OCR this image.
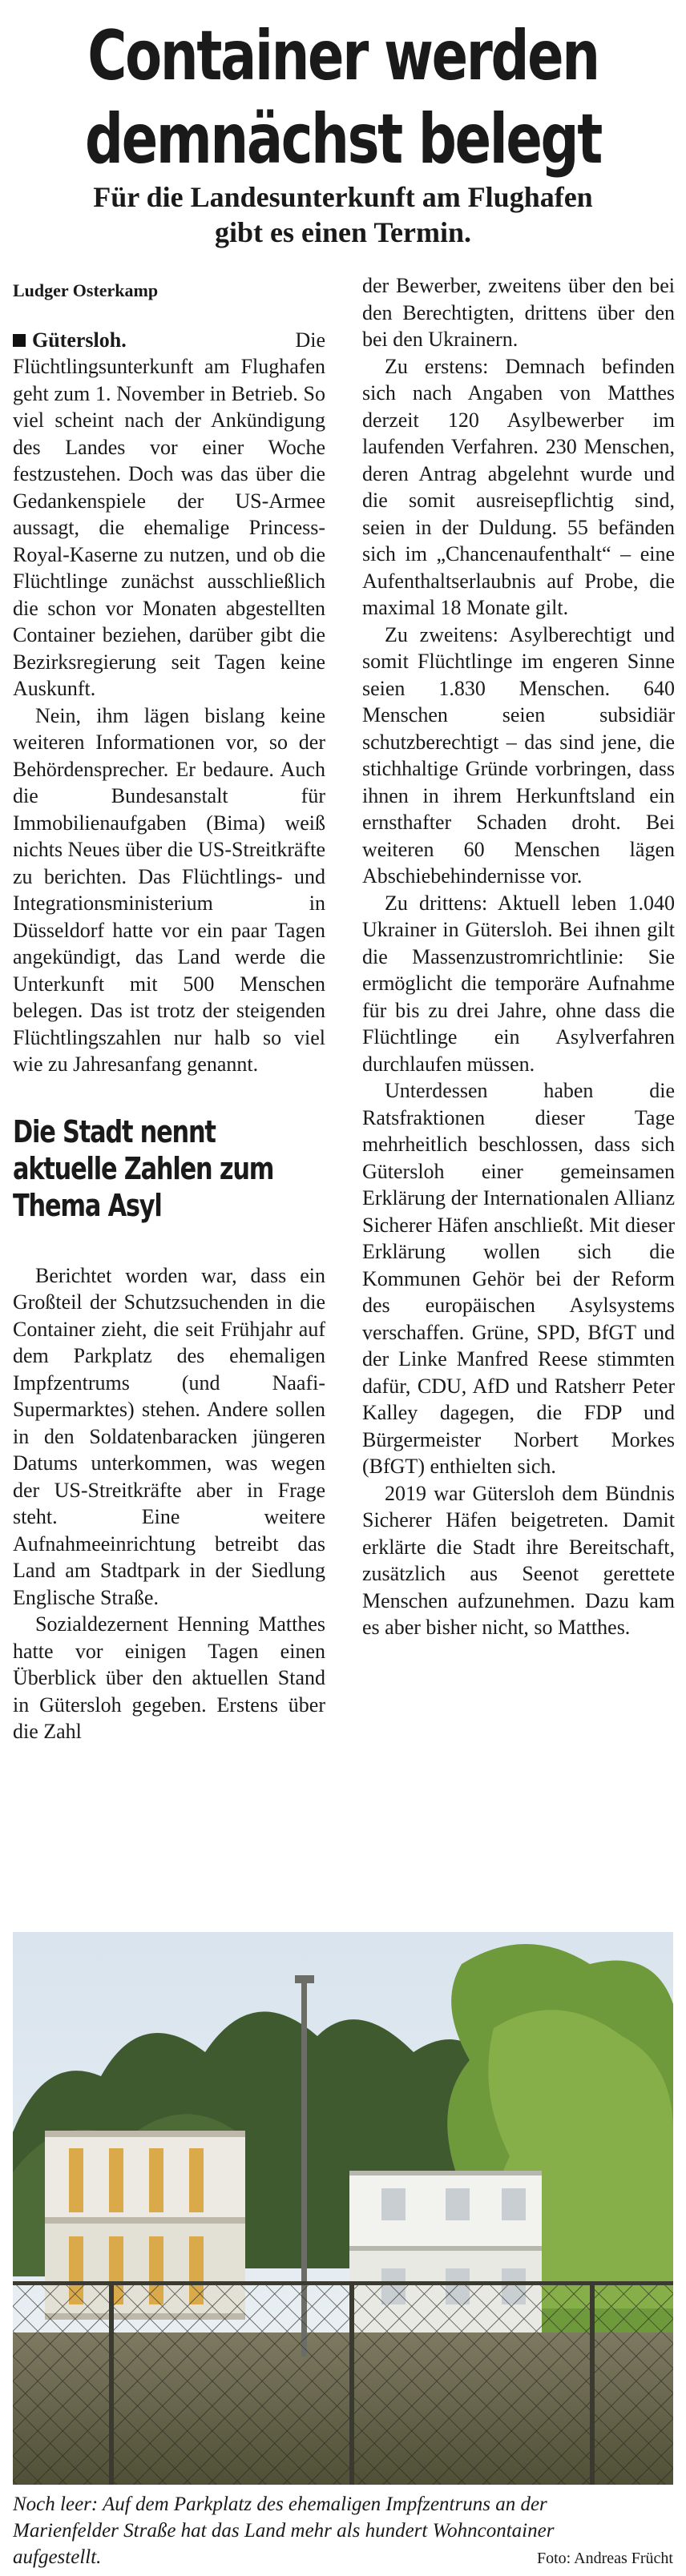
Container werden
demnächst belegt
Für die Landesunterkunft am Flughafen
gibt es einen Termin.
Ludger Osterkamp

Gütersloh. Die Flüchtlingsunterkunft am Flughafen geht zum 1. November in Betrieb. So viel scheint nach der Ankündigung des Landes vor einer Woche festzustehen. Doch was das über die Gedankenspiele der US-Armee aussagt, die ehemalige Princess-Royal-Kaserne zu nutzen, und ob die Flüchtlinge zunächst ausschließlich die schon vor Monaten abgestellten Container beziehen, darüber gibt die Bezirksregierung seit Tagen keine Auskunft.

Nein, ihm lägen bislang keine weiteren Informationen vor, so der Behördensprecher. Er bedaure. Auch die Bundesanstalt für Immobilienaufgaben (Bima) weiß nichts Neues über die US-Streitkräfte zu berichten. Das Flüchtlings- und Integrationsministerium in Düsseldorf hatte vor ein paar Tagen angekündigt, das Land werde die Unterkunft mit 500 Menschen belegen. Das ist trotz der steigenden Flüchtlingszahlen nur halb so viel wie zu Jahresanfang genannt.

Die Stadt nennt
aktuelle Zahlen zum
Thema Asyl

Berichtet worden war, dass ein Großteil der Schutzsuchenden in die Container zieht, die seit Frühjahr auf dem Parkplatz des ehemaligen Impfzentrums (und Naafi-Supermarktes) stehen. Andere sollen in den Soldatenbaracken jüngeren Datums unterkommen, was wegen der US-Streitkräfte aber in Frage steht. Eine weitere Aufnahmeeinrichtung betreibt das Land am Stadtpark in der Siedlung Englische Straße.

Sozialdezernent Henning Matthes hatte vor einigen Tagen einen Überblick über den aktuellen Stand in Gütersloh gegeben. Erstens über die Zahl

der Bewerber, zweitens über den bei den Berechtigten, drittens über den bei den Ukrainern.

Zu erstens: Demnach befinden sich nach Angaben von Matthes derzeit 120 Asylbewerber im laufenden Verfahren. 230 Menschen, deren Antrag abgelehnt wurde und die somit ausreisepflichtig sind, seien in der Duldung. 55 befänden sich im „Chancenaufenthalt“ – eine Aufenthaltserlaubnis auf Probe, die maximal 18 Monate gilt.

Zu zweitens: Asylberechtigt und somit Flüchtlinge im engeren Sinne seien 1.830 Menschen. 640 Menschen seien subsidiär schutzberechtigt – das sind jene, die stichhaltige Gründe vorbringen, dass ihnen in ihrem Herkunftsland ein ernsthafter Schaden droht. Bei weiteren 60 Menschen lägen Abschiebehindernisse vor.

Zu drittens: Aktuell leben 1.040 Ukrainer in Gütersloh. Bei ihnen gilt die Massenzustromrichtlinie: Sie ermöglicht die temporäre Aufnahme für bis zu drei Jahre, ohne dass die Flüchtlinge ein Asylverfahren durchlaufen müssen.

Unterdessen haben die Ratsfraktionen dieser Tage mehrheitlich beschlossen, dass sich Gütersloh einer gemeinsamen Erklärung der Internationalen Allianz Sicherer Häfen anschließt. Mit dieser Erklärung wollen sich die Kommunen Gehör bei der Reform des europäischen Asylsystems verschaffen. Grüne, SPD, BfGT und der Linke Manfred Reese stimmten dafür, CDU, AfD und Ratsherr Peter Kalley dagegen, die FDP und Bürgermeister Norbert Morkes (BfGT) enthielten sich.

2019 war Gütersloh dem Bündnis Sicherer Häfen beigetreten. Damit erklärte die Stadt ihre Bereitschaft, zusätzlich aus Seenot gerettete Menschen aufzunehmen. Dazu kam es aber bisher nicht, so Matthes.

Noch leer: Auf dem Parkplatz des ehemaligen Impfzentruns an der
Marienfelder Straße hat das Land mehr als hundert Wohncontainer
aufgestellt.	Foto: Andreas Frücht
